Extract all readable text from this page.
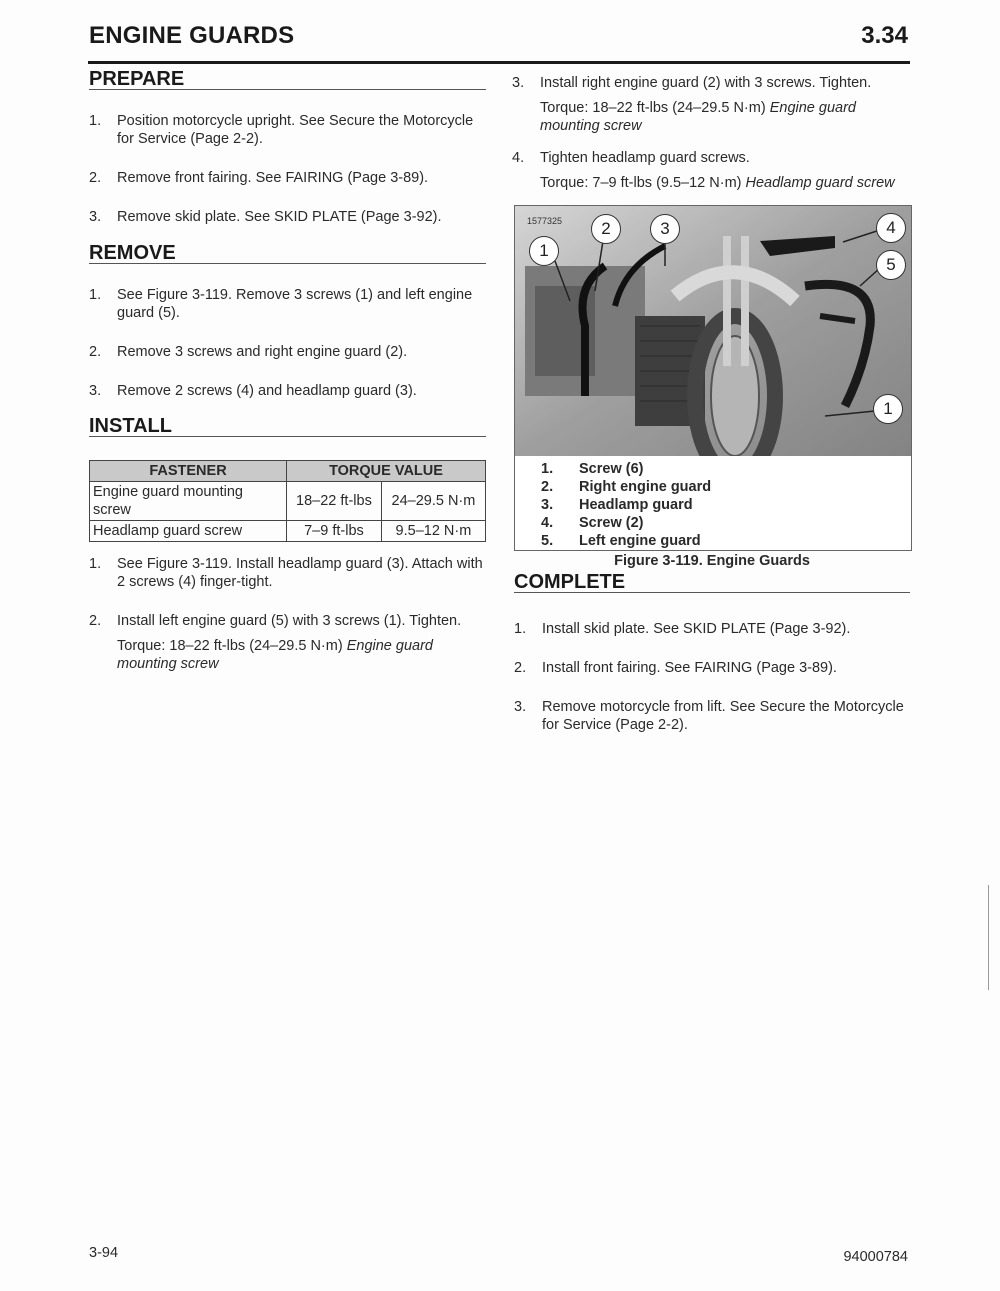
ENGINE GUARDS	3.34
PREPARE
1. Position motorcycle upright. See Secure the Motorcycle for Service (Page 2-2).
2. Remove front fairing. See FAIRING (Page 3-89).
3. Remove skid plate. See SKID PLATE (Page 3-92).
REMOVE
1. See Figure 3-119. Remove 3 screws (1) and left engine guard (5).
2. Remove 3 screws and right engine guard (2).
3. Remove 2 screws (4) and headlamp guard (3).
INSTALL
FASTENER	TORQUE VALUE	
Engine guard mounting screw	18–22 ft-lbs	24–29.5 N·m
Headlamp guard screw	7–9 ft-lbs	9.5–12 N·m
1. See Figure 3-119. Install headlamp guard (3). Attach with 2 screws (4) finger-tight.
2. Install left engine guard (5) with 3 screws (1). Tighten.
Torque: 18–22 ft-lbs (24–29.5 N·m) Engine guard mounting screw
3. Install right engine guard (2) with 3 screws. Tighten.
Torque: 18–22 ft-lbs (24–29.5 N·m) Engine guard mounting screw
4. Tighten headlamp guard screws.
Torque: 7–9 ft-lbs (9.5–12 N·m) Headlamp guard screw
1577325
1
2	3	4
5
1
1.	Screw (6)
2.	Right engine guard
3.	Headlamp guard
4.	Screw (2)
5.	Left engine guard
Figure 3-119. Engine Guards
COMPLETE
1. Install skid plate. See SKID PLATE (Page 3-92).
2. Install front fairing. See FAIRING (Page 3-89).
3. Remove motorcycle from lift. See Secure the Motorcycle for Service (Page 2-2).
3-94	94000784
